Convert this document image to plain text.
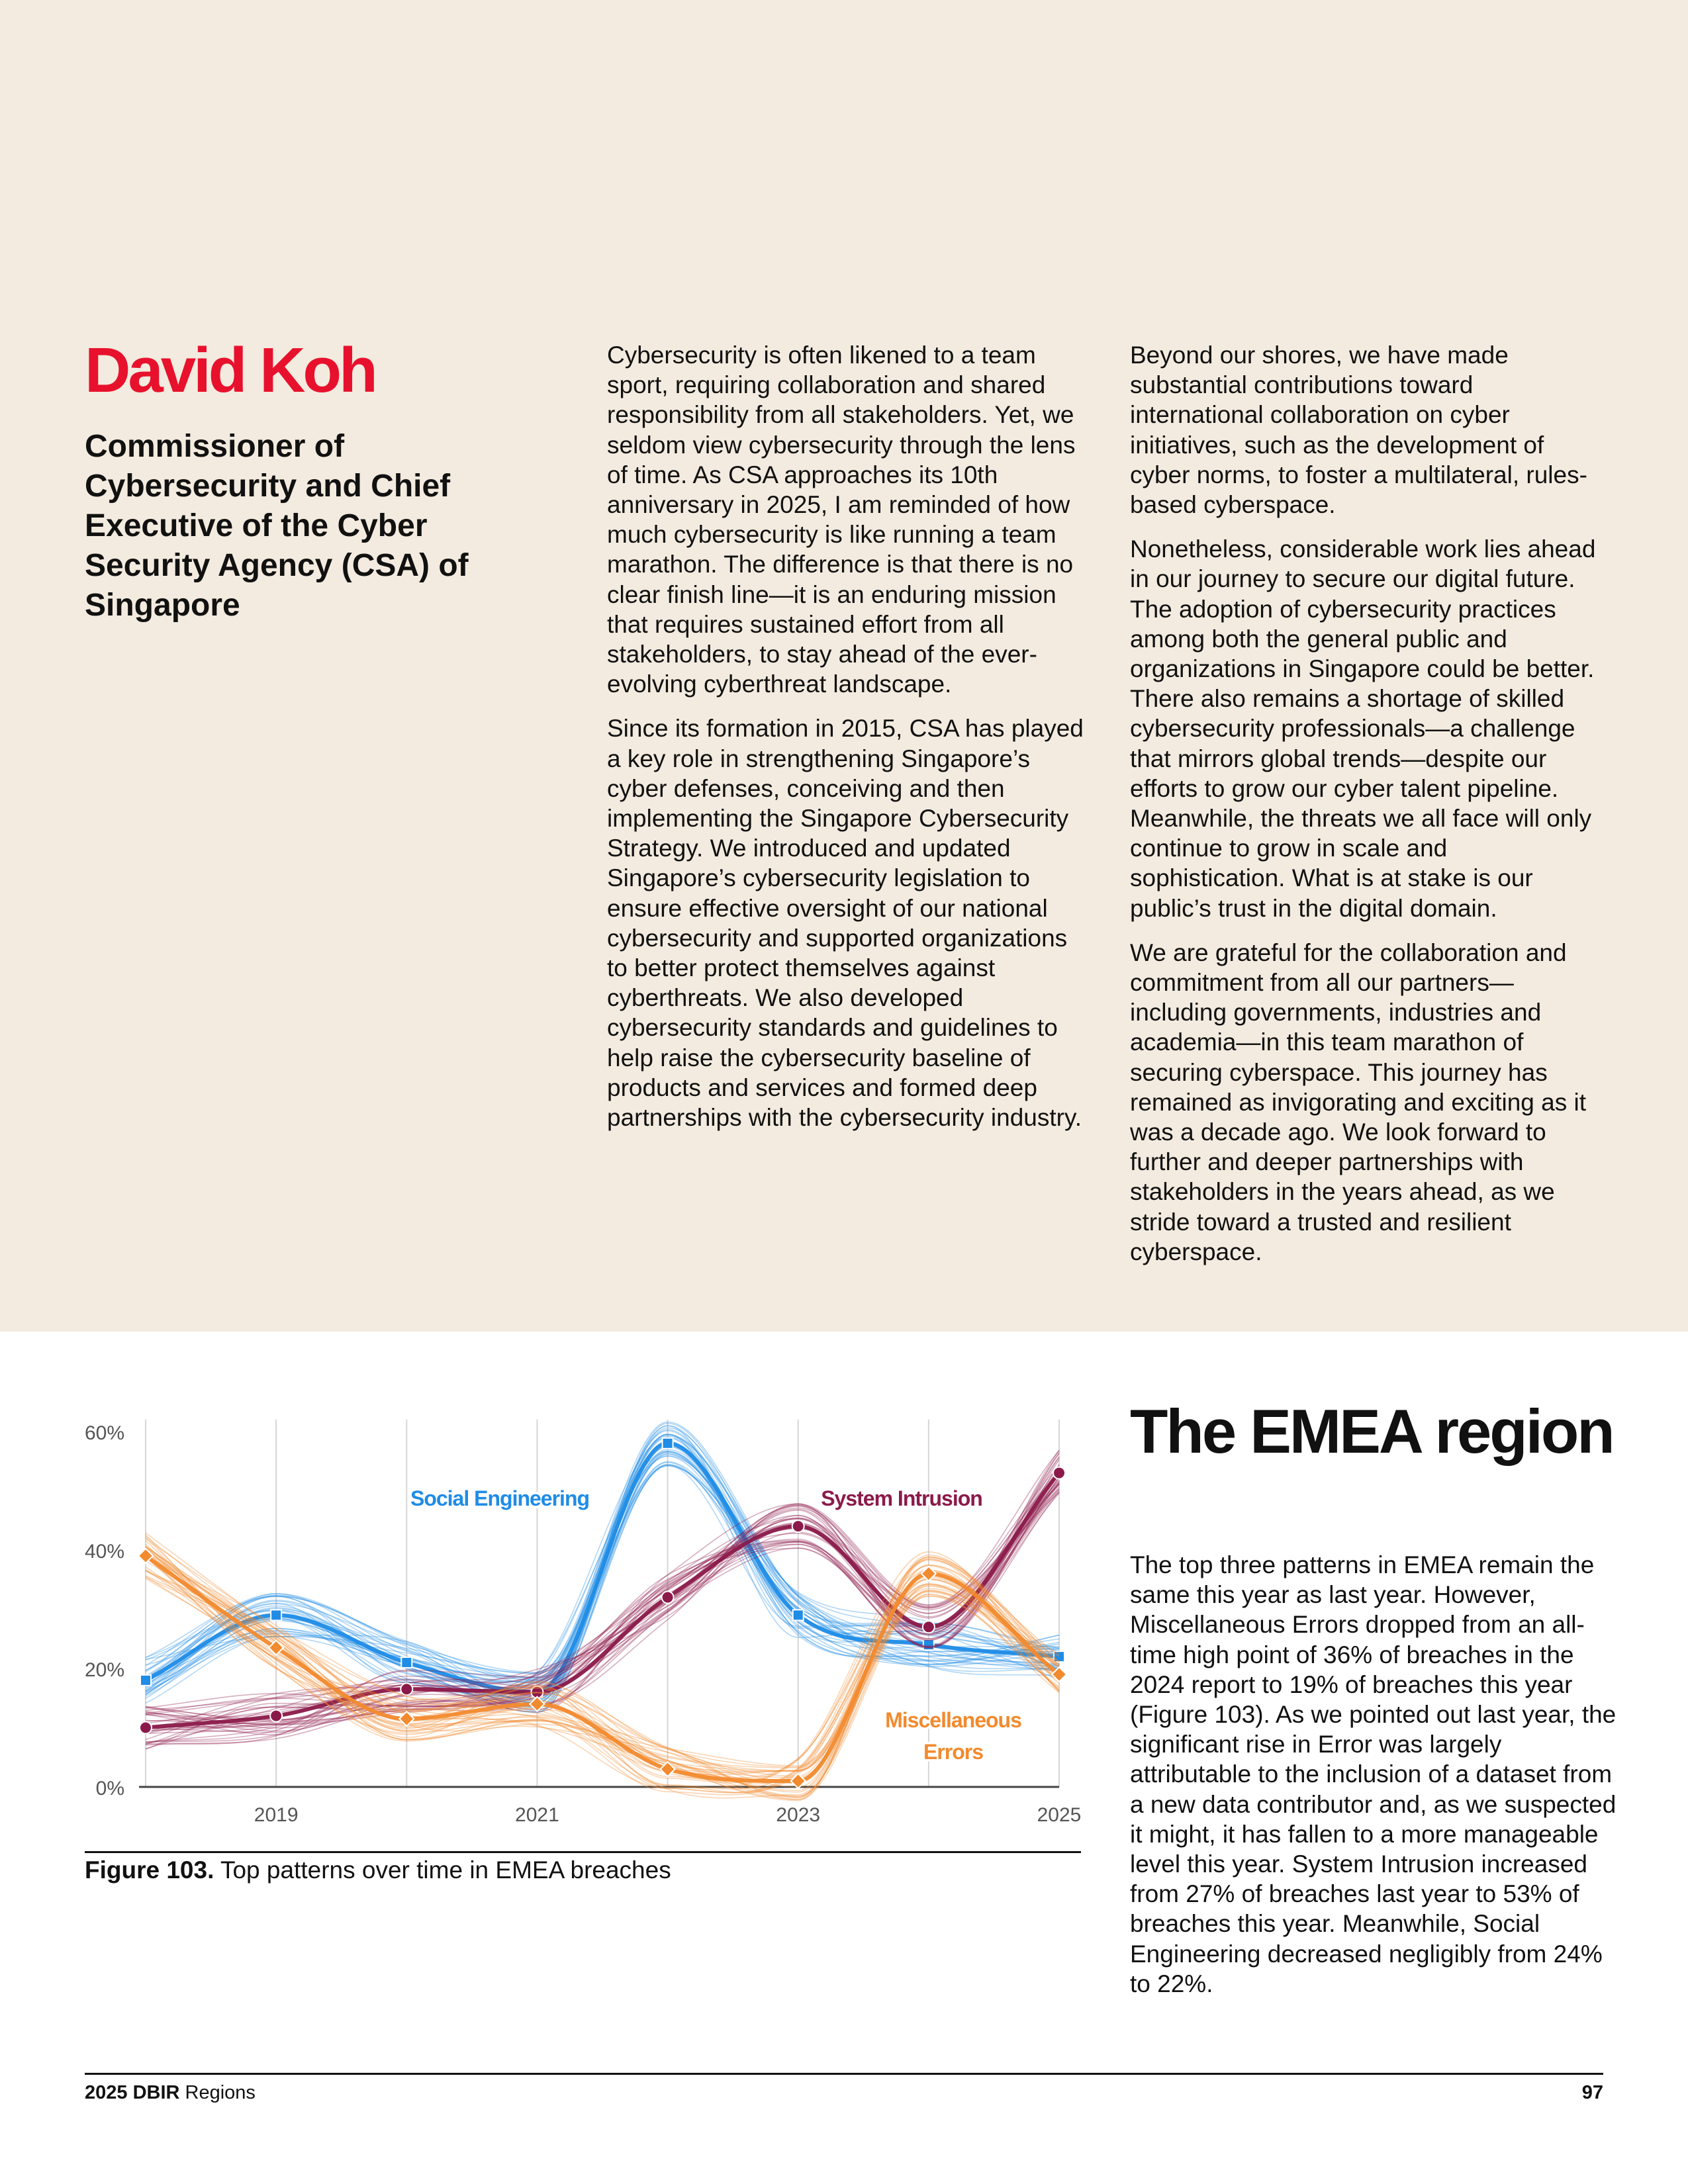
David Koh
Commissioner of Cybersecurity and Chief Executive of the Cyber Security Agency (CSA) of Singapore

Cybersecurity is often likened to a team sport, requiring collaboration and shared responsibility from all stakeholders. Yet, we seldom view cybersecurity through the lens of time. As CSA approaches its 10th anniversary in 2025, I am reminded of how much cybersecurity is like running a team marathon. The difference is that there is no clear finish line—it is an enduring mission that requires sustained effort from all stakeholders, to stay ahead of the ever-evolving cyberthreat landscape.

Since its formation in 2015, CSA has played a key role in strengthening Singapore’s cyber defenses, conceiving and then implementing the Singapore Cybersecurity Strategy. We introduced and updated Singapore’s cybersecurity legislation to ensure effective oversight of our national cybersecurity and supported organizations to better protect themselves against cyberthreats. We also developed cybersecurity standards and guidelines to help raise the cybersecurity baseline of products and services and formed deep partnerships with the cybersecurity industry.

Beyond our shores, we have made substantial contributions toward international collaboration on cyber initiatives, such as the development of cyber norms, to foster a multilateral, rules-based cyberspace.

Nonetheless, considerable work lies ahead in our journey to secure our digital future. The adoption of cybersecurity practices among both the general public and organizations in Singapore could be better. There also remains a shortage of skilled cybersecurity professionals—a challenge that mirrors global trends—despite our efforts to grow our cyber talent pipeline. Meanwhile, the threats we all face will only continue to grow in scale and sophistication. What is at stake is our public’s trust in the digital domain.

We are grateful for the collaboration and commitment from all our partners—including governments, industries and academia—in this team marathon of securing cyberspace. This journey has remained as invigorating and exciting as it was a decade ago. We look forward to further and deeper partnerships with stakeholders in the years ahead, as we stride toward a trusted and resilient cyberspace.

0%
20%
40%
60%
2019	2021	2023	2025
Social Engineering	System Intrusion
Miscellaneous
Errors

Figure 103. Top patterns over time in EMEA breaches

The EMEA region

The top three patterns in EMEA remain the same this year as last year. However, Miscellaneous Errors dropped from an all-time high point of 36% of breaches in the 2024 report to 19% of breaches this year (Figure 103). As we pointed out last year, the significant rise in Error was largely attributable to the inclusion of a dataset from a new data contributor and, as we suspected it might, it has fallen to a more manageable level this year. System Intrusion increased from 27% of breaches last year to 53% of breaches this year. Meanwhile, Social Engineering decreased negligibly from 24% to 22%.

2025 DBIR Regions	97
